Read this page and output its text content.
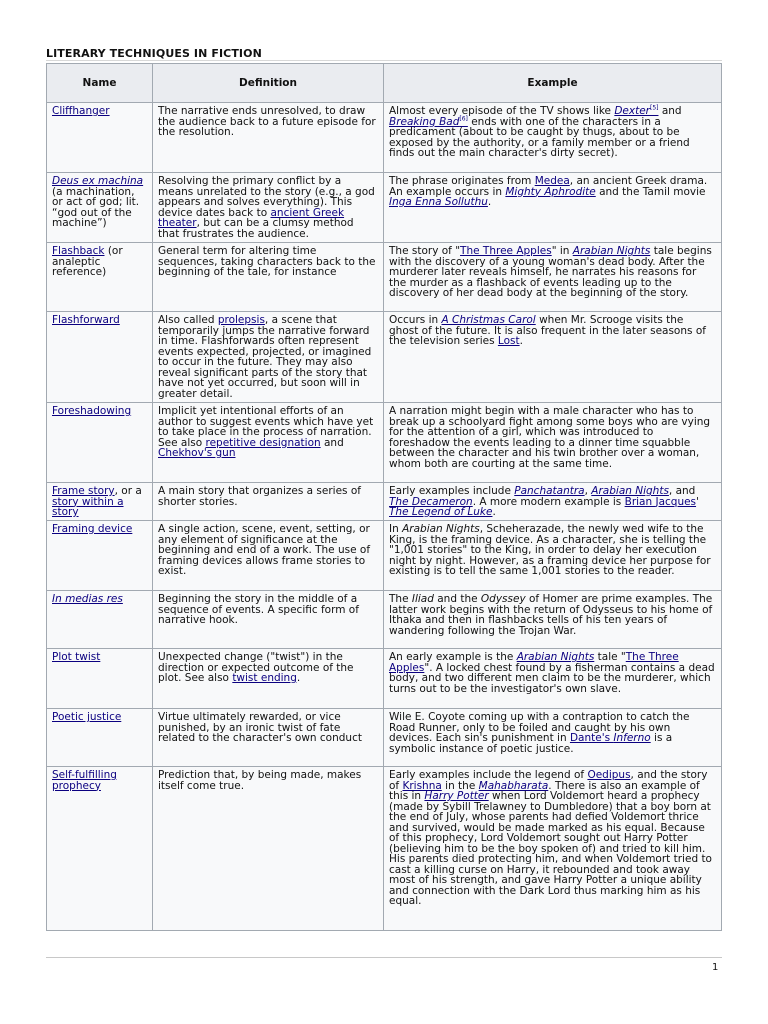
LITERARY TECHNIQUES IN FICTION
Name	Definition	Example
Cliffhanger	The narrative ends unresolved, to draw the audience back to a future episode for the resolution.	Almost every episode of the TV shows like Dexter[5] and Breaking Bad[6] ends with one of the characters in a predicament (about to be caught by thugs, about to be exposed by the authority, or a family member or a friend finds out the main character's dirty secret).
Deus ex machina (a machination, or act of god; lit. “god out of the machine”)	Resolving the primary conflict by a means unrelated to the story (e.g., a god appears and solves everything). This device dates back to ancient Greek theater, but can be a clumsy method that frustrates the audience.	The phrase originates from Medea, an ancient Greek drama. An example occurs in Mighty Aphrodite and the Tamil movie Inga Enna Solluthu.
Flashback (or analeptic reference)	General term for altering time sequences, taking characters back to the beginning of the tale, for instance	The story of "The Three Apples" in Arabian Nights tale begins with the discovery of a young woman's dead body. After the murderer later reveals himself, he narrates his reasons for the murder as a flashback of events leading up to the discovery of her dead body at the beginning of the story.
Flashforward	Also called prolepsis, a scene that temporarily jumps the narrative forward in time. Flashforwards often represent events expected, projected, or imagined to occur in the future. They may also reveal significant parts of the story that have not yet occurred, but soon will in greater detail.	Occurs in A Christmas Carol when Mr. Scrooge visits the ghost of the future. It is also frequent in the later seasons of the television series Lost.
Foreshadowing	Implicit yet intentional efforts of an author to suggest events which have yet to take place in the process of narration. See also repetitive designation and Chekhov's gun	A narration might begin with a male character who has to break up a schoolyard fight among some boys who are vying for the attention of a girl, which was introduced to foreshadow the events leading to a dinner time squabble between the character and his twin brother over a woman, whom both are courting at the same time.
Frame story, or a story within a story	A main story that organizes a series of shorter stories.	Early examples include Panchatantra, Arabian Nights, and The Decameron. A more modern example is Brian Jacques' The Legend of Luke.
Framing device	A single action, scene, event, setting, or any element of significance at the beginning and end of a work. The use of framing devices allows frame stories to exist.	In Arabian Nights, Scheherazade, the newly wed wife to the King, is the framing device. As a character, she is telling the "1,001 stories" to the King, in order to delay her execution night by night. However, as a framing device her purpose for existing is to tell the same 1,001 stories to the reader.
In medias res	Beginning the story in the middle of a sequence of events. A specific form of narrative hook.	The Iliad and the Odyssey of Homer are prime examples. The latter work begins with the return of Odysseus to his home of Ithaka and then in flashbacks tells of his ten years of wandering following the Trojan War.
Plot twist	Unexpected change ("twist") in the direction or expected outcome of the plot. See also twist ending.	An early example is the Arabian Nights tale "The Three Apples". A locked chest found by a fisherman contains a dead body, and two different men claim to be the murderer, which turns out to be the investigator's own slave.
Poetic justice	Virtue ultimately rewarded, or vice punished, by an ironic twist of fate related to the character's own conduct	Wile E. Coyote coming up with a contraption to catch the Road Runner, only to be foiled and caught by his own devices. Each sin's punishment in Dante's Inferno is a symbolic instance of poetic justice.
Self-fulfilling prophecy	Prediction that, by being made, makes itself come true.	Early examples include the legend of Oedipus, and the story of Krishna in the Mahabharata. There is also an example of this in Harry Potter when Lord Voldemort heard a prophecy (made by Sybill Trelawney to Dumbledore) that a boy born at the end of July, whose parents had defied Voldemort thrice and survived, would be made marked as his equal. Because of this prophecy, Lord Voldemort sought out Harry Potter (believing him to be the boy spoken of) and tried to kill him. His parents died protecting him, and when Voldemort tried to cast a killing curse on Harry, it rebounded and took away most of his strength, and gave Harry Potter a unique ability and connection with the Dark Lord thus marking him as his equal.
1
